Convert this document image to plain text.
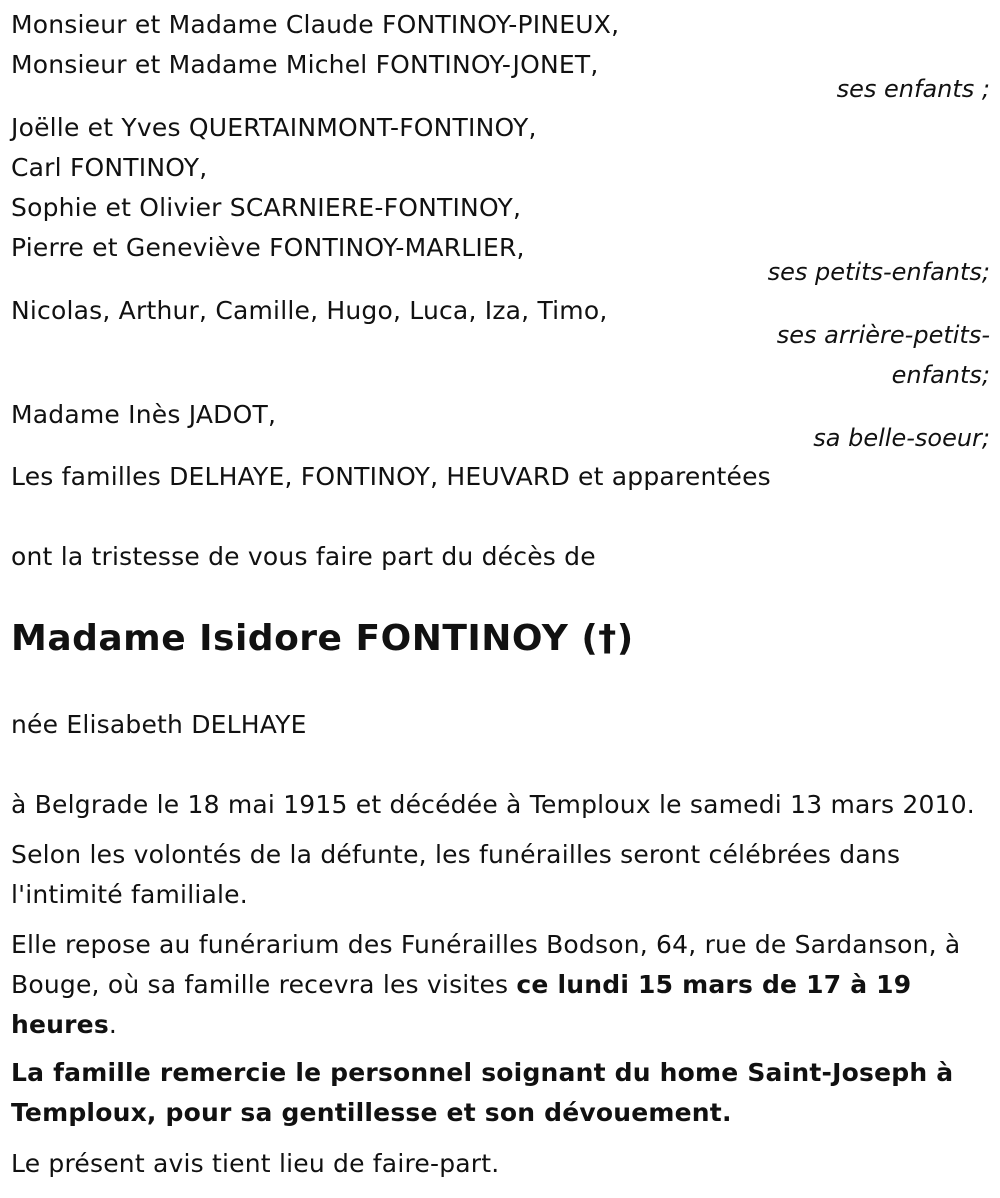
Monsieur et Madame Claude FONTINOY-PINEUX,
Monsieur et Madame Michel FONTINOY-JONET,
ses enfants ;
Joëlle et Yves QUERTAINMONT-FONTINOY,
Carl FONTINOY,
Sophie et Olivier SCARNIERE-FONTINOY,
Pierre et Geneviève FONTINOY-MARLIER,
ses petits-enfants;
Nicolas, Arthur, Camille, Hugo, Luca, Iza, Timo,
ses arrière-petits-
enfants;
Madame Inès JADOT,
sa belle-soeur;
Les familles DELHAYE, FONTINOY, HEUVARD et apparentées
ont la tristesse de vous faire part du décès de
Madame Isidore FONTINOY (†)
née Elisabeth DELHAYE
à Belgrade le 18 mai 1915 et décédée à Temploux le samedi 13 mars 2010.
Selon les volontés de la défunte, les funérailles seront célébrées dans l'intimité familiale.
Elle repose au funérarium des Funérailles Bodson, 64, rue de Sardanson, à Bouge, où sa famille recevra les visites ce lundi 15 mars de 17 à 19 heures.
La famille remercie le personnel soignant du home Saint-Joseph à Temploux, pour sa gentillesse et son dévouement.
Le présent avis tient lieu de faire-part.
